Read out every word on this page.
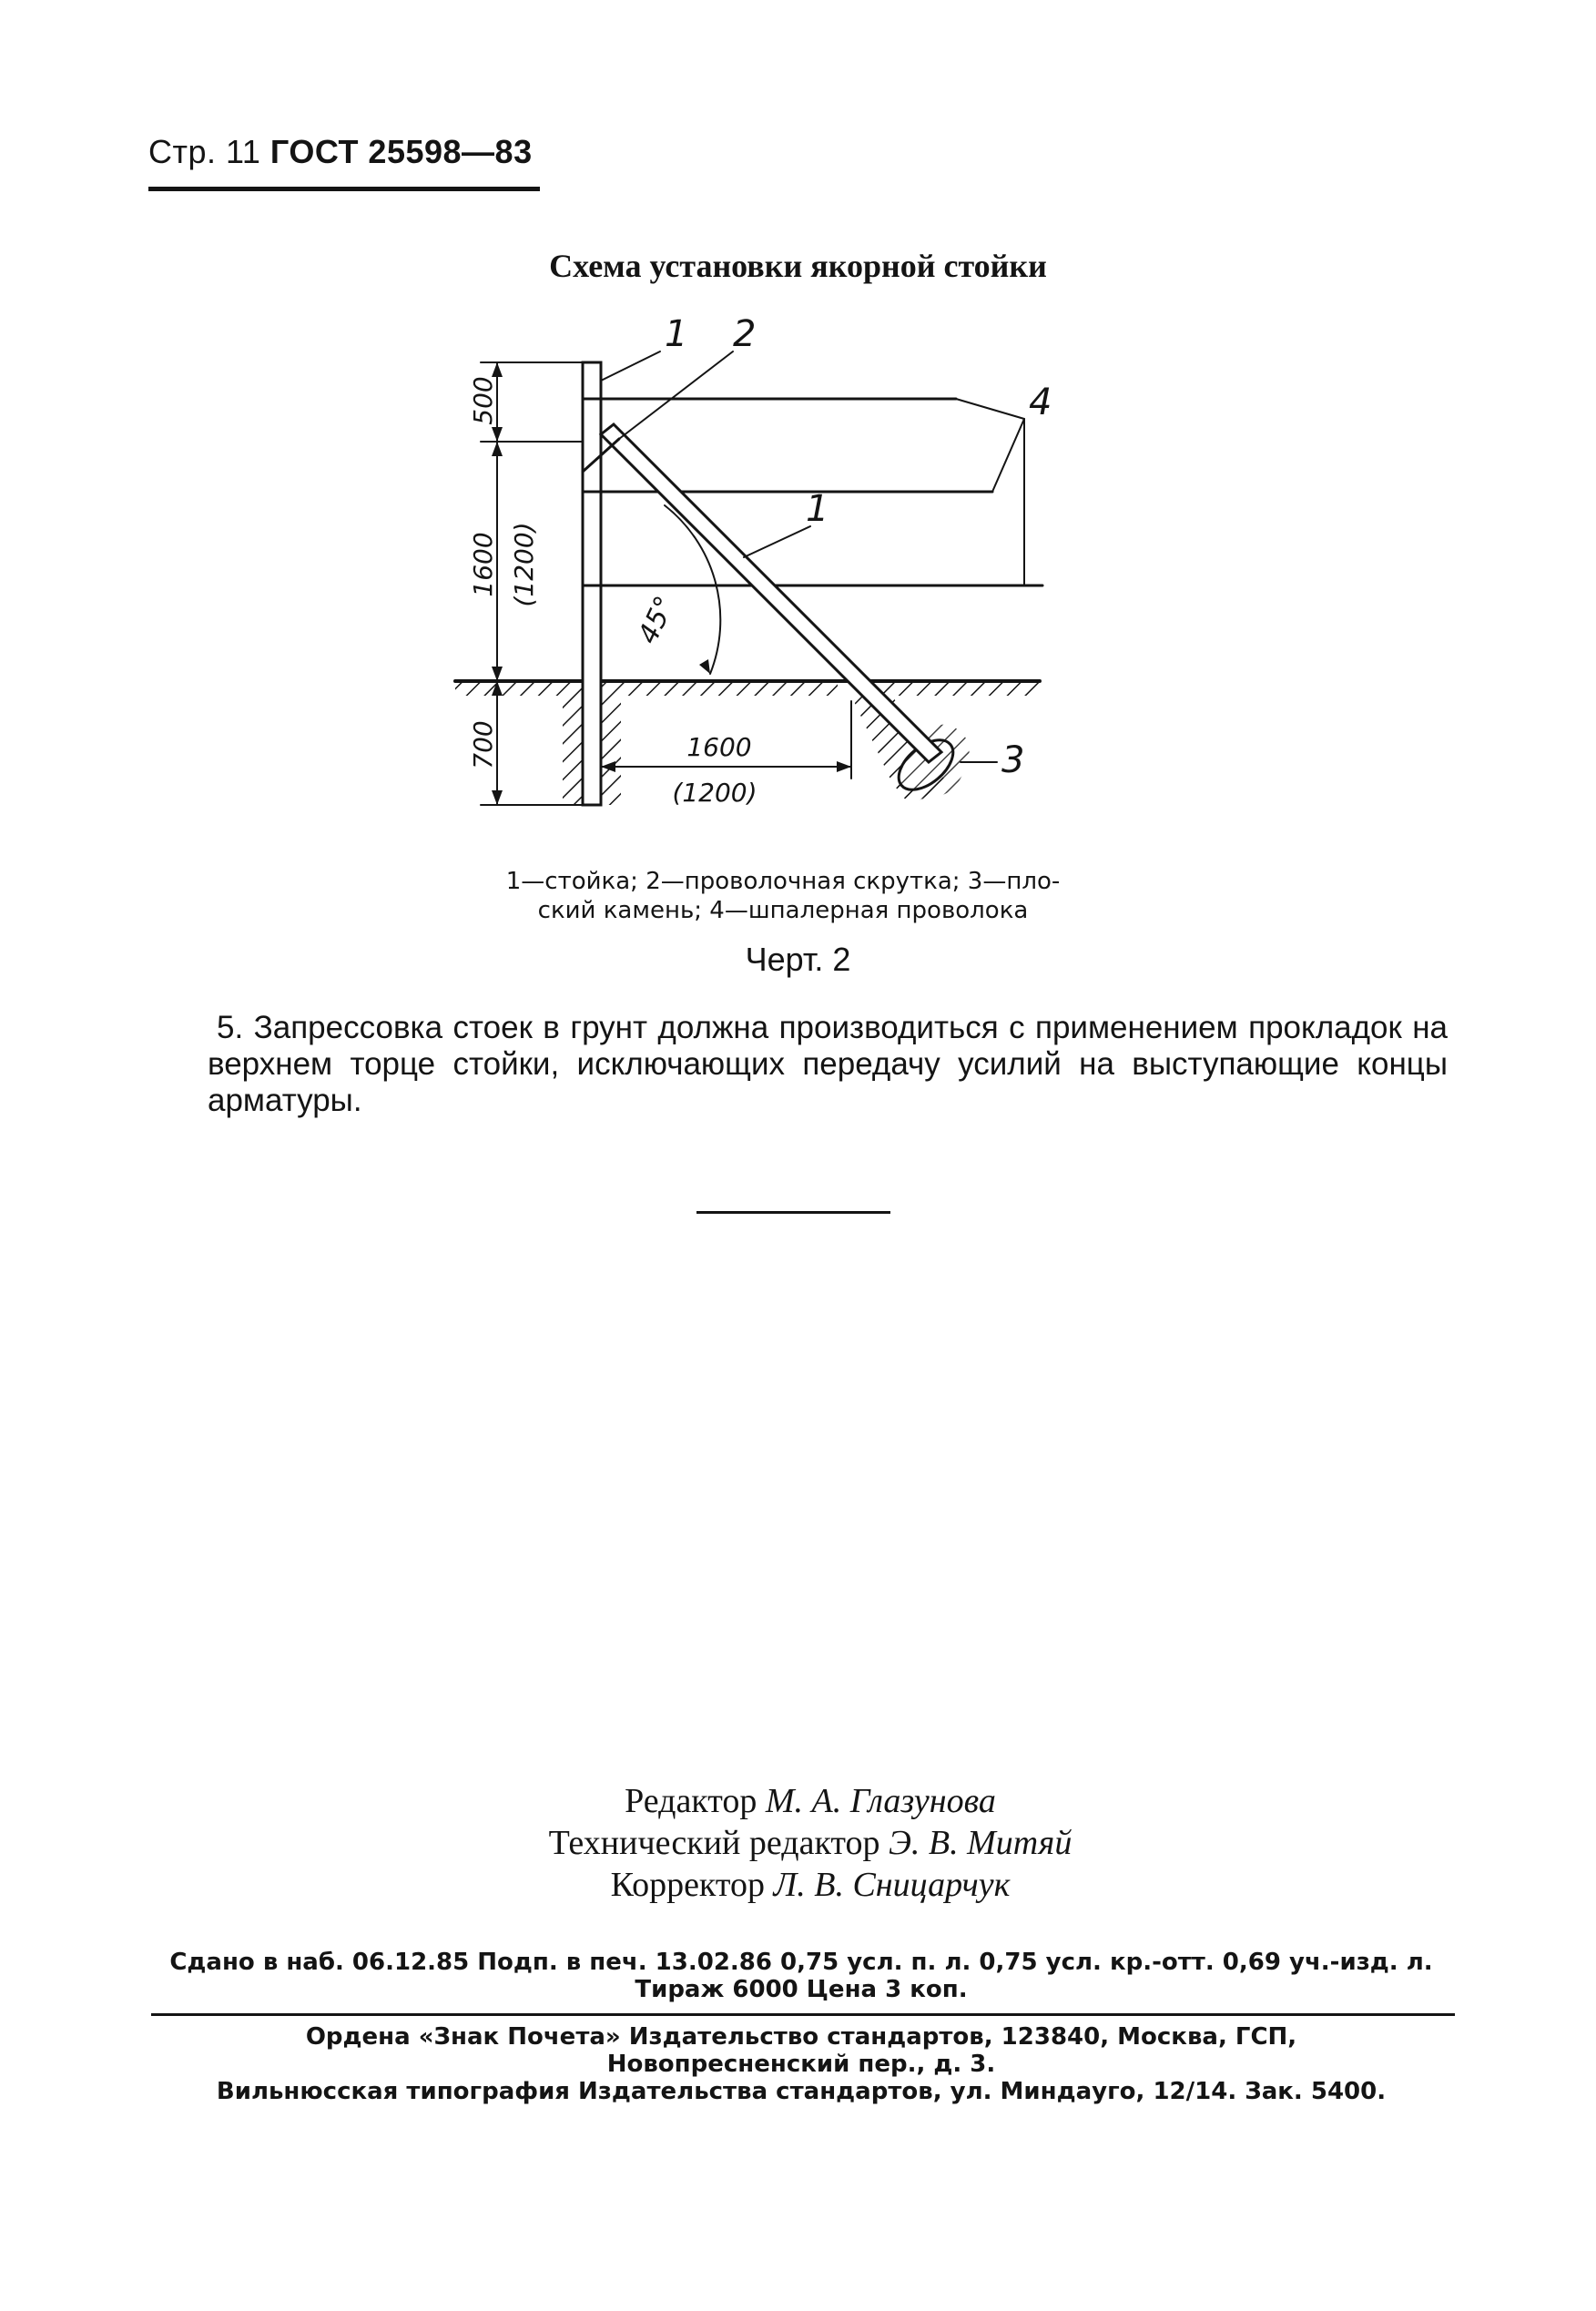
Стр. 11 ГОСТ 25598—83
Схема установки якорной стойки
1 2
1
4
3
500
1600 (1200)
700	1600
(1200)
45°
1—стойка; 2—проволочная скрутка; 3—пло-
ский камень; 4—шпалерная проволока
Черт. 2
5. Запрессовка стоек в грунт должна производиться с применением прокладок на верхнем торце стойки, исключающих передачу усилий на выступающие концы арматуры.
Редактор М. А. Глазунова
Технический редактор Э. В. Митяй
Корректор Л. В. Сницарчук
Сдано в наб. 06.12.85 Подп. в печ. 13.02.86 0,75 усл. п. л. 0,75 усл. кр.-отт. 0,69 уч.-изд. л.
Тираж 6000 Цена 3 коп.
Ордена «Знак Почета» Издательство стандартов, 123840, Москва, ГСП,
Новопресненский пер., д. 3.
Вильнюсская типография Издательства стандартов, ул. Миндауго, 12/14. Зак. 5400.
